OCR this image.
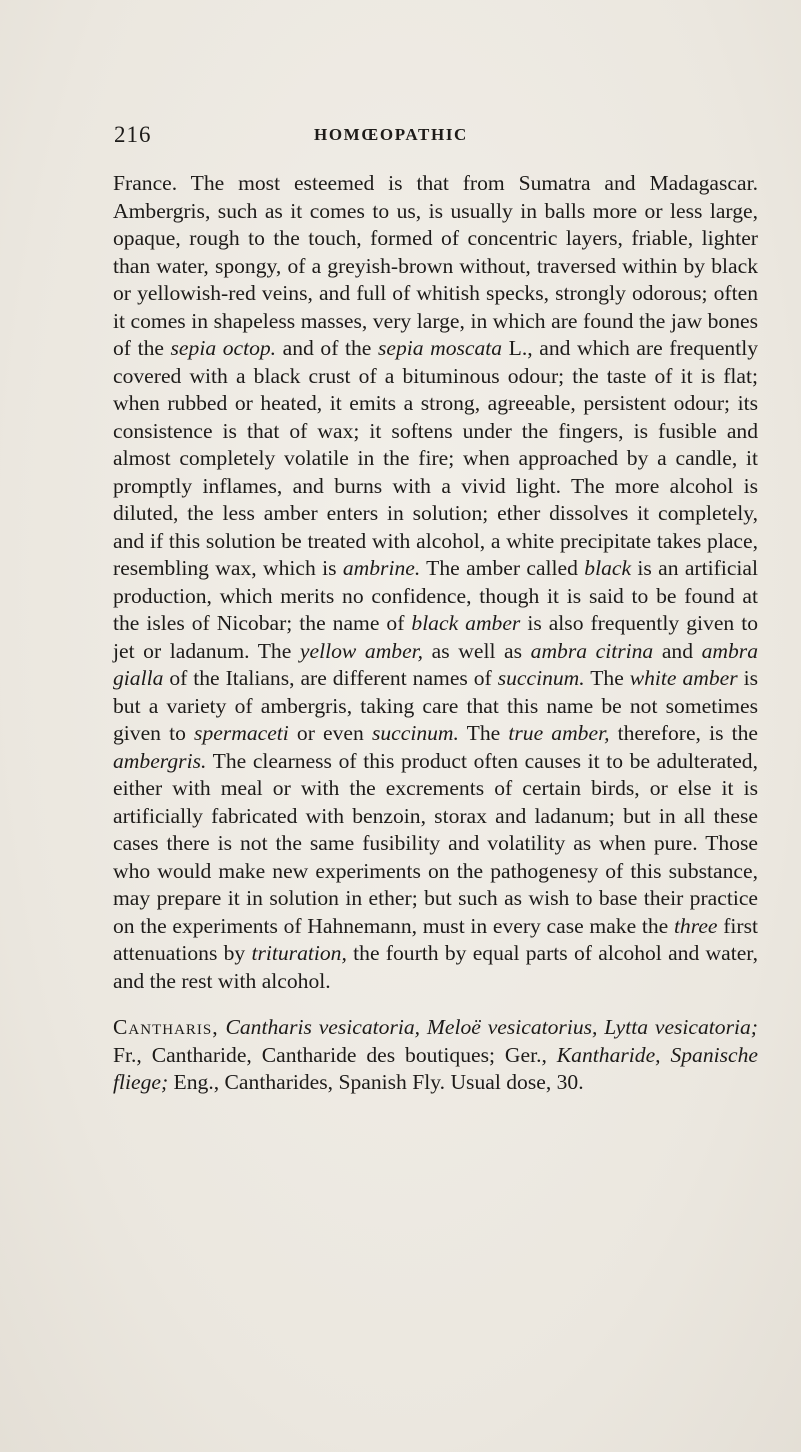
216	HOMŒOPATHIC

France. The most esteemed is that from Sumatra and Madagascar. Ambergris, such as it comes to us, is usually in balls more or less large, opaque, rough to the touch, formed of concentric layers, friable, lighter than water, spongy, of a greyish-brown without, traversed within by black or yellowish-red veins, and full of whitish specks, strongly odorous; often it comes in shapeless masses, very large, in which are found the jaw bones of the sepia octop. and of the sepia moscata L., and which are frequently covered with a black crust of a bituminous odour; the taste of it is flat; when rubbed or heated, it emits a strong, agreeable, persistent odour; its consistence is that of wax; it softens under the fingers, is fusible and almost completely volatile in the fire; when approached by a candle, it promptly inflames, and burns with a vivid light. The more alcohol is diluted, the less amber enters in solution; ether dissolves it completely, and if this solution be treated with alcohol, a white precipitate takes place, resembling wax, which is ambrine. The amber called black is an artificial production, which merits no confidence, though it is said to be found at the isles of Nicobar; the name of black amber is also frequently given to jet or ladanum. The yellow amber, as well as ambra citrina and ambra gialla of the Italians, are different names of succinum. The white amber is but a variety of ambergris, taking care that this name be not sometimes given to spermaceti or even succinum. The true amber, therefore, is the ambergris. The clearness of this product often causes it to be adulterated, either with meal or with the excrements of certain birds, or else it is artificially fabricated with benzoin, storax and ladanum; but in all these cases there is not the same fusibility and volatility as when pure. Those who would make new experiments on the pathogenesy of this substance, may prepare it in solution in ether; but such as wish to base their practice on the experiments of Hahnemann, must in every case make the three first attenuations by trituration, the fourth by equal parts of alcohol and water, and the rest with alcohol.

Cantharis, Cantharis vesicatoria, Meloë vesicatorius, Lytta vesicatoria; Fr., Cantharide, Cantharide des boutiques; Ger., Kantharide, Spanische fliege; Eng., Cantharides, Spanish Fly. Usual dose, 30.
